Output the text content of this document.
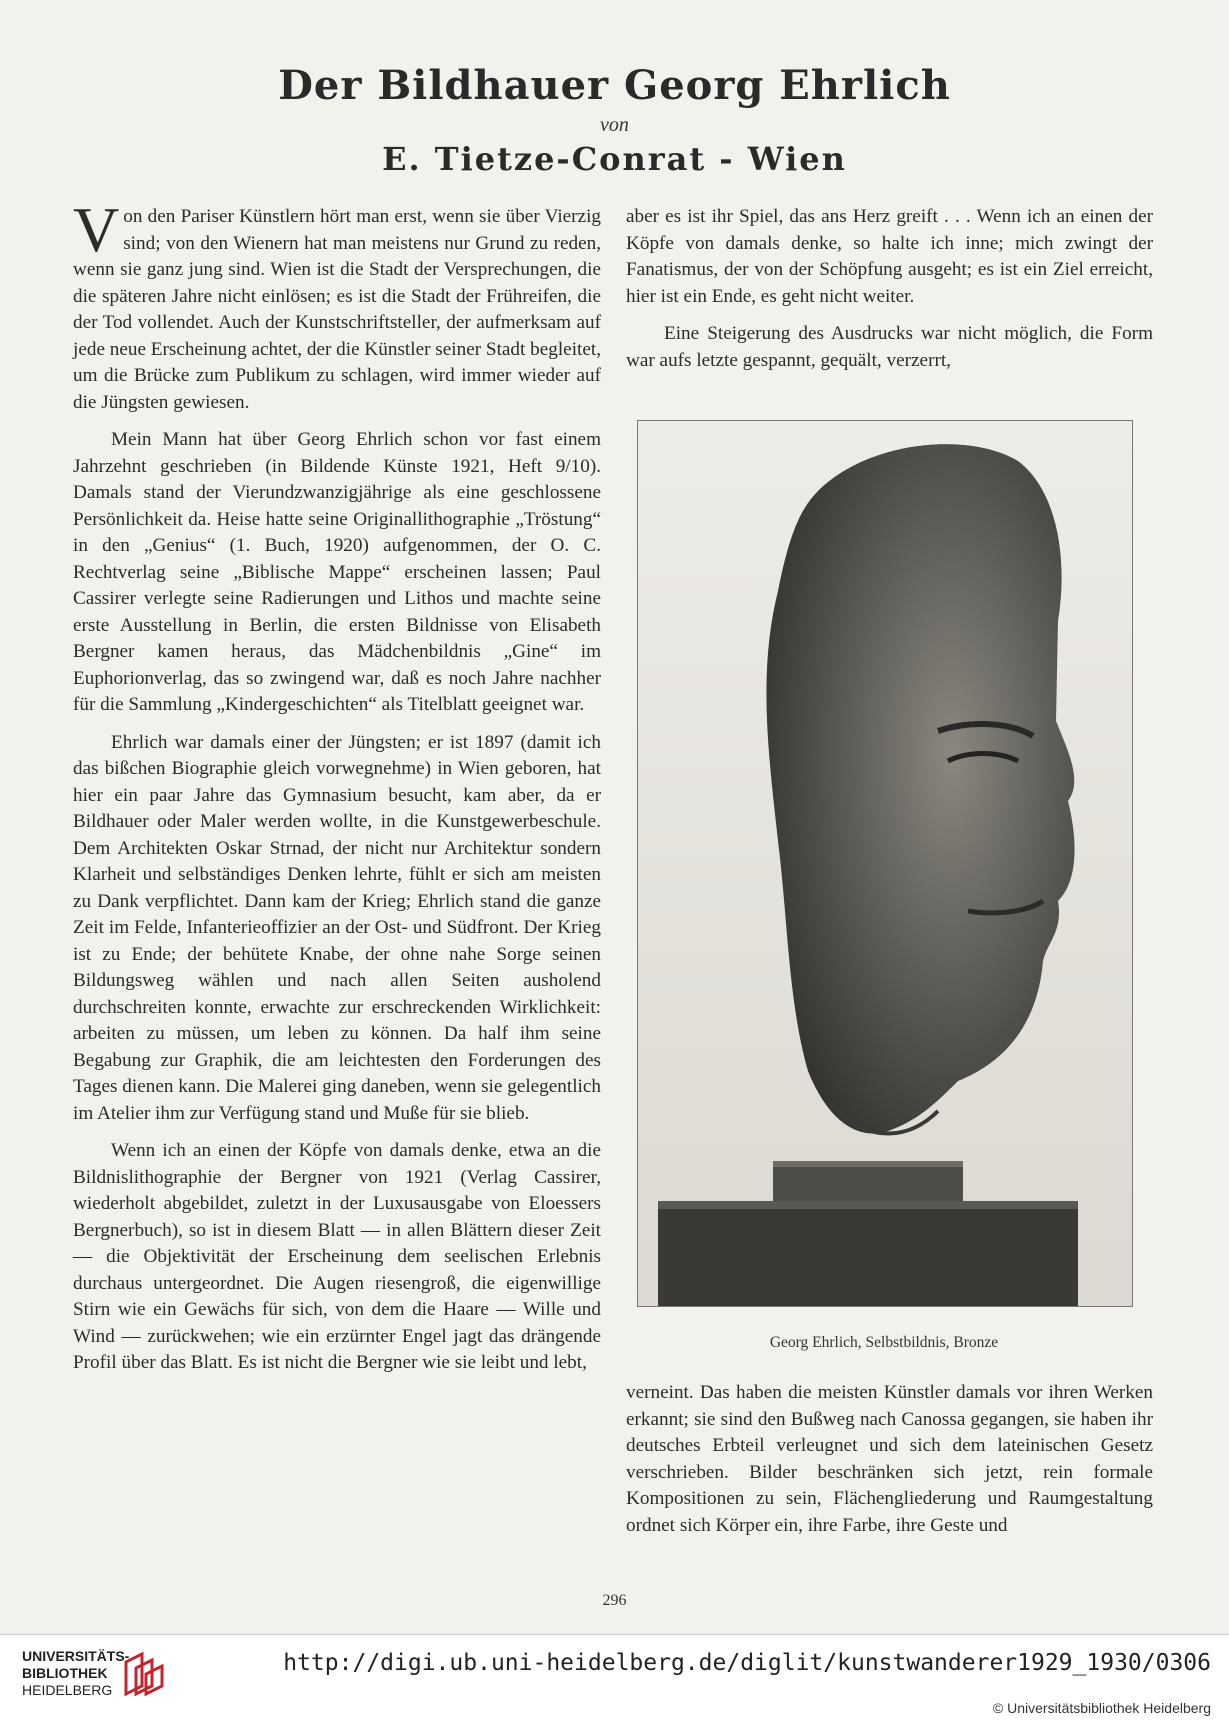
Der Bildhauer Georg Ehrlich
von
E. Tietze-Conrat - Wien

Von den Pariser Künstlern hört man erst, wenn sie über Vierzig sind; von den Wienern hat man meistens nur Grund zu reden, wenn sie ganz jung sind. Wien ist die Stadt der Versprechungen, die die späteren Jahre nicht einlösen; es ist die Stadt der Frühreifen, die der Tod vollendet. Auch der Kunstschriftsteller, der aufmerksam auf jede neue Erscheinung achtet, der die Künstler seiner Stadt begleitet, um die Brücke zum Publikum zu schlagen, wird immer wieder auf die Jüngsten gewiesen.

Mein Mann hat über Georg Ehrlich schon vor fast einem Jahrzehnt geschrieben (in Bildende Künste 1921, Heft 9/10). Damals stand der Vierundzwanzigjährige als eine geschlossene Persönlichkeit da. Heise hatte seine Originallithographie „Tröstung“ in den „Genius“ (1. Buch, 1920) aufgenommen, der O. C. Rechtverlag seine „Biblische Mappe“ erscheinen lassen; Paul Cassirer verlegte seine Radierungen und Lithos und machte seine erste Ausstellung in Berlin, die ersten Bildnisse von Elisabeth Bergner kamen heraus, das Mädchenbildnis „Gine“ im Euphorionverlag, das so zwingend war, daß es noch Jahre nachher für die Sammlung „Kindergeschichten“ als Titelblatt geeignet war.

Ehrlich war damals einer der Jüngsten; er ist 1897 (damit ich das bißchen Biographie gleich vorwegnehme) in Wien geboren, hat hier ein paar Jahre das Gymnasium besucht, kam aber, da er Bildhauer oder Maler werden wollte, in die Kunstgewerbeschule. Dem Architekten Oskar Strnad, der nicht nur Architektur sondern Klarheit und selbständiges Denken lehrte, fühlt er sich am meisten zu Dank verpflichtet. Dann kam der Krieg; Ehrlich stand die ganze Zeit im Felde, Infanterieoffizier an der Ost- und Südfront. Der Krieg ist zu Ende; der behütete Knabe, der ohne nahe Sorge seinen Bildungsweg wählen und nach allen Seiten ausholend durchschreiten konnte, erwachte zur erschreckenden Wirklichkeit: arbeiten zu müssen, um leben zu können. Da half ihm seine Begabung zur Graphik, die am leichtesten den Forderungen des Tages dienen kann. Die Malerei ging daneben, wenn sie gelegentlich im Atelier ihm zur Verfügung stand und Muße für sie blieb.

Wenn ich an einen der Köpfe von damals denke, etwa an die Bildnislithographie der Bergner von 1921 (Verlag Cassirer, wiederholt abgebildet, zuletzt in der Luxusausgabe von Eloessers Bergnerbuch), so ist in diesem Blatt — in allen Blättern dieser Zeit — die Objektivität der Erscheinung dem seelischen Erlebnis durchaus untergeordnet. Die Augen riesengroß, die eigenwillige Stirn wie ein Gewächs für sich, von dem die Haare — Wille und Wind — zurückwehen; wie ein erzürnter Engel jagt das drängende Profil über das Blatt. Es ist nicht die Bergner wie sie leibt und lebt,

aber es ist ihr Spiel, das ans Herz greift . . . Wenn ich an einen der Köpfe von damals denke, so halte ich inne; mich zwingt der Fanatismus, der von der Schöpfung ausgeht; es ist ein Ziel erreicht, hier ist ein Ende, es geht nicht weiter.

Eine Steigerung des Ausdrucks war nicht möglich, die Form war aufs letzte gespannt, gequält, verzerrt,

Georg Ehrlich, Selbstbildnis, Bronze

verneint. Das haben die meisten Künstler damals vor ihren Werken erkannt; sie sind den Bußweg nach Canossa gegangen, sie haben ihr deutsches Erbteil verleugnet und sich dem lateinischen Gesetz verschrieben. Bilder beschränken sich jetzt, rein formale Kompositionen zu sein, Flächengliederung und Raumgestaltung ordnet sich Körper ein, ihre Farbe, ihre Geste und

296
UNIVERSITÄTS-
BIBLIOTHEK
HEIDELBERG
http://digi.ub.uni-heidelberg.de/diglit/kunstwanderer1929_1930/0306
© Universitätsbibliothek Heidelberg
